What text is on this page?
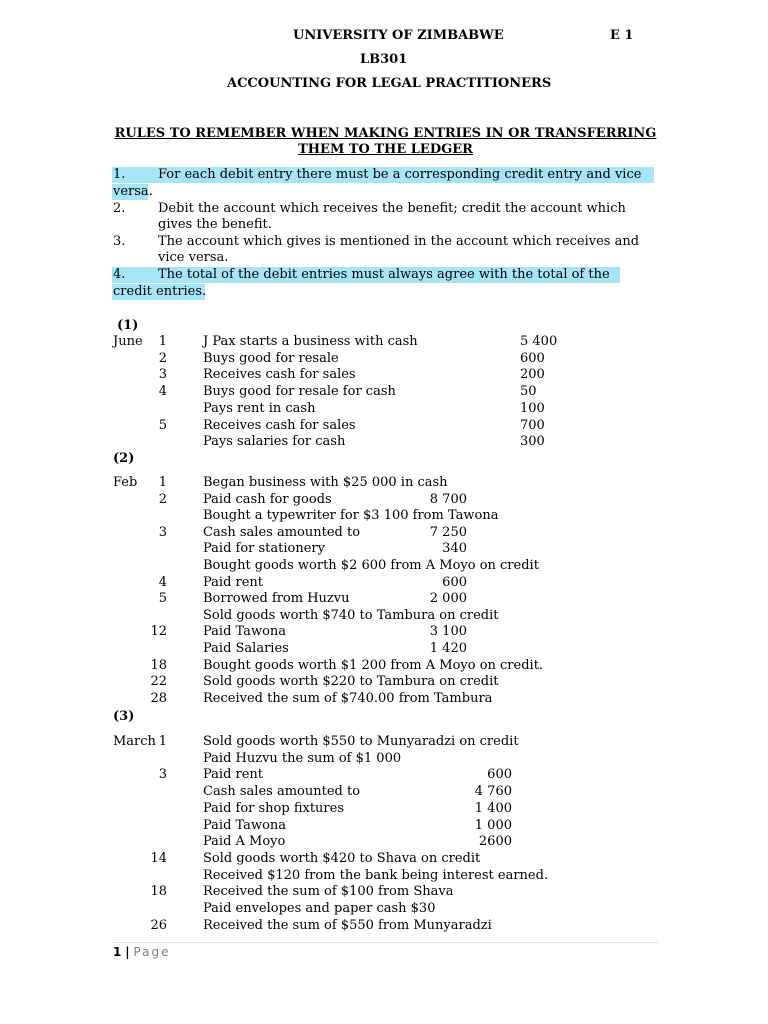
UNIVERSITY OF ZIMBABWE	E 1
LB301
ACCOUNTING FOR LEGAL PRACTITIONERS
RULES TO REMEMBER WHEN MAKING ENTRIES IN OR TRANSFERRING
THEM TO THE LEDGER
1.	For each debit entry there must be a corresponding credit entry and vice
versa.
2.	Debit the account which receives the benefit; credit the account which
gives the benefit.
3.	The account which gives is mentioned in the account which receives and
vice versa.
4.	The total of the debit entries must always agree with the total of the
credit entries.
(1)
June	1	J Pax starts a business with cash	5 400
2	Buys good for resale	600
3	Receives cash for sales	200
4	Buys good for resale for cash	50
Pays rent in cash	100
5	Receives cash for sales	700
Pays salaries for cash	300
(2)
Feb	1	Began business with $25 000 in cash
2	Paid cash for goods	8 700
Bought a typewriter for $3 100 from Tawona
3	Cash sales amounted to	7 250
Paid for stationery	340
Bought goods worth $2 600 from A Moyo on credit
4	Paid rent	600
5	Borrowed from Huzvu	2 000
Sold goods worth $740 to Tambura on credit
12	Paid Tawona	3 100
Paid Salaries	1 420
18	Bought goods worth $1 200 from A Moyo on credit.
22	Sold goods worth $220 to Tambura on credit
28	Received the sum of $740.00 from Tambura
(3)
March 1	Sold goods worth $550 to Munyaradzi on credit
Paid Huzvu the sum of $1 000
3	Paid rent	600
Cash sales amounted to	4 760
Paid for shop fixtures	1 400
Paid Tawona	1 000
Paid A Moyo	2600
14	Sold goods worth $420 to Shava on credit
Received $120 from the bank being interest earned.
18	Received the sum of $100 from Shava
Paid envelopes and paper cash $30
26	Received the sum of $550 from Munyaradzi
1 | Page
